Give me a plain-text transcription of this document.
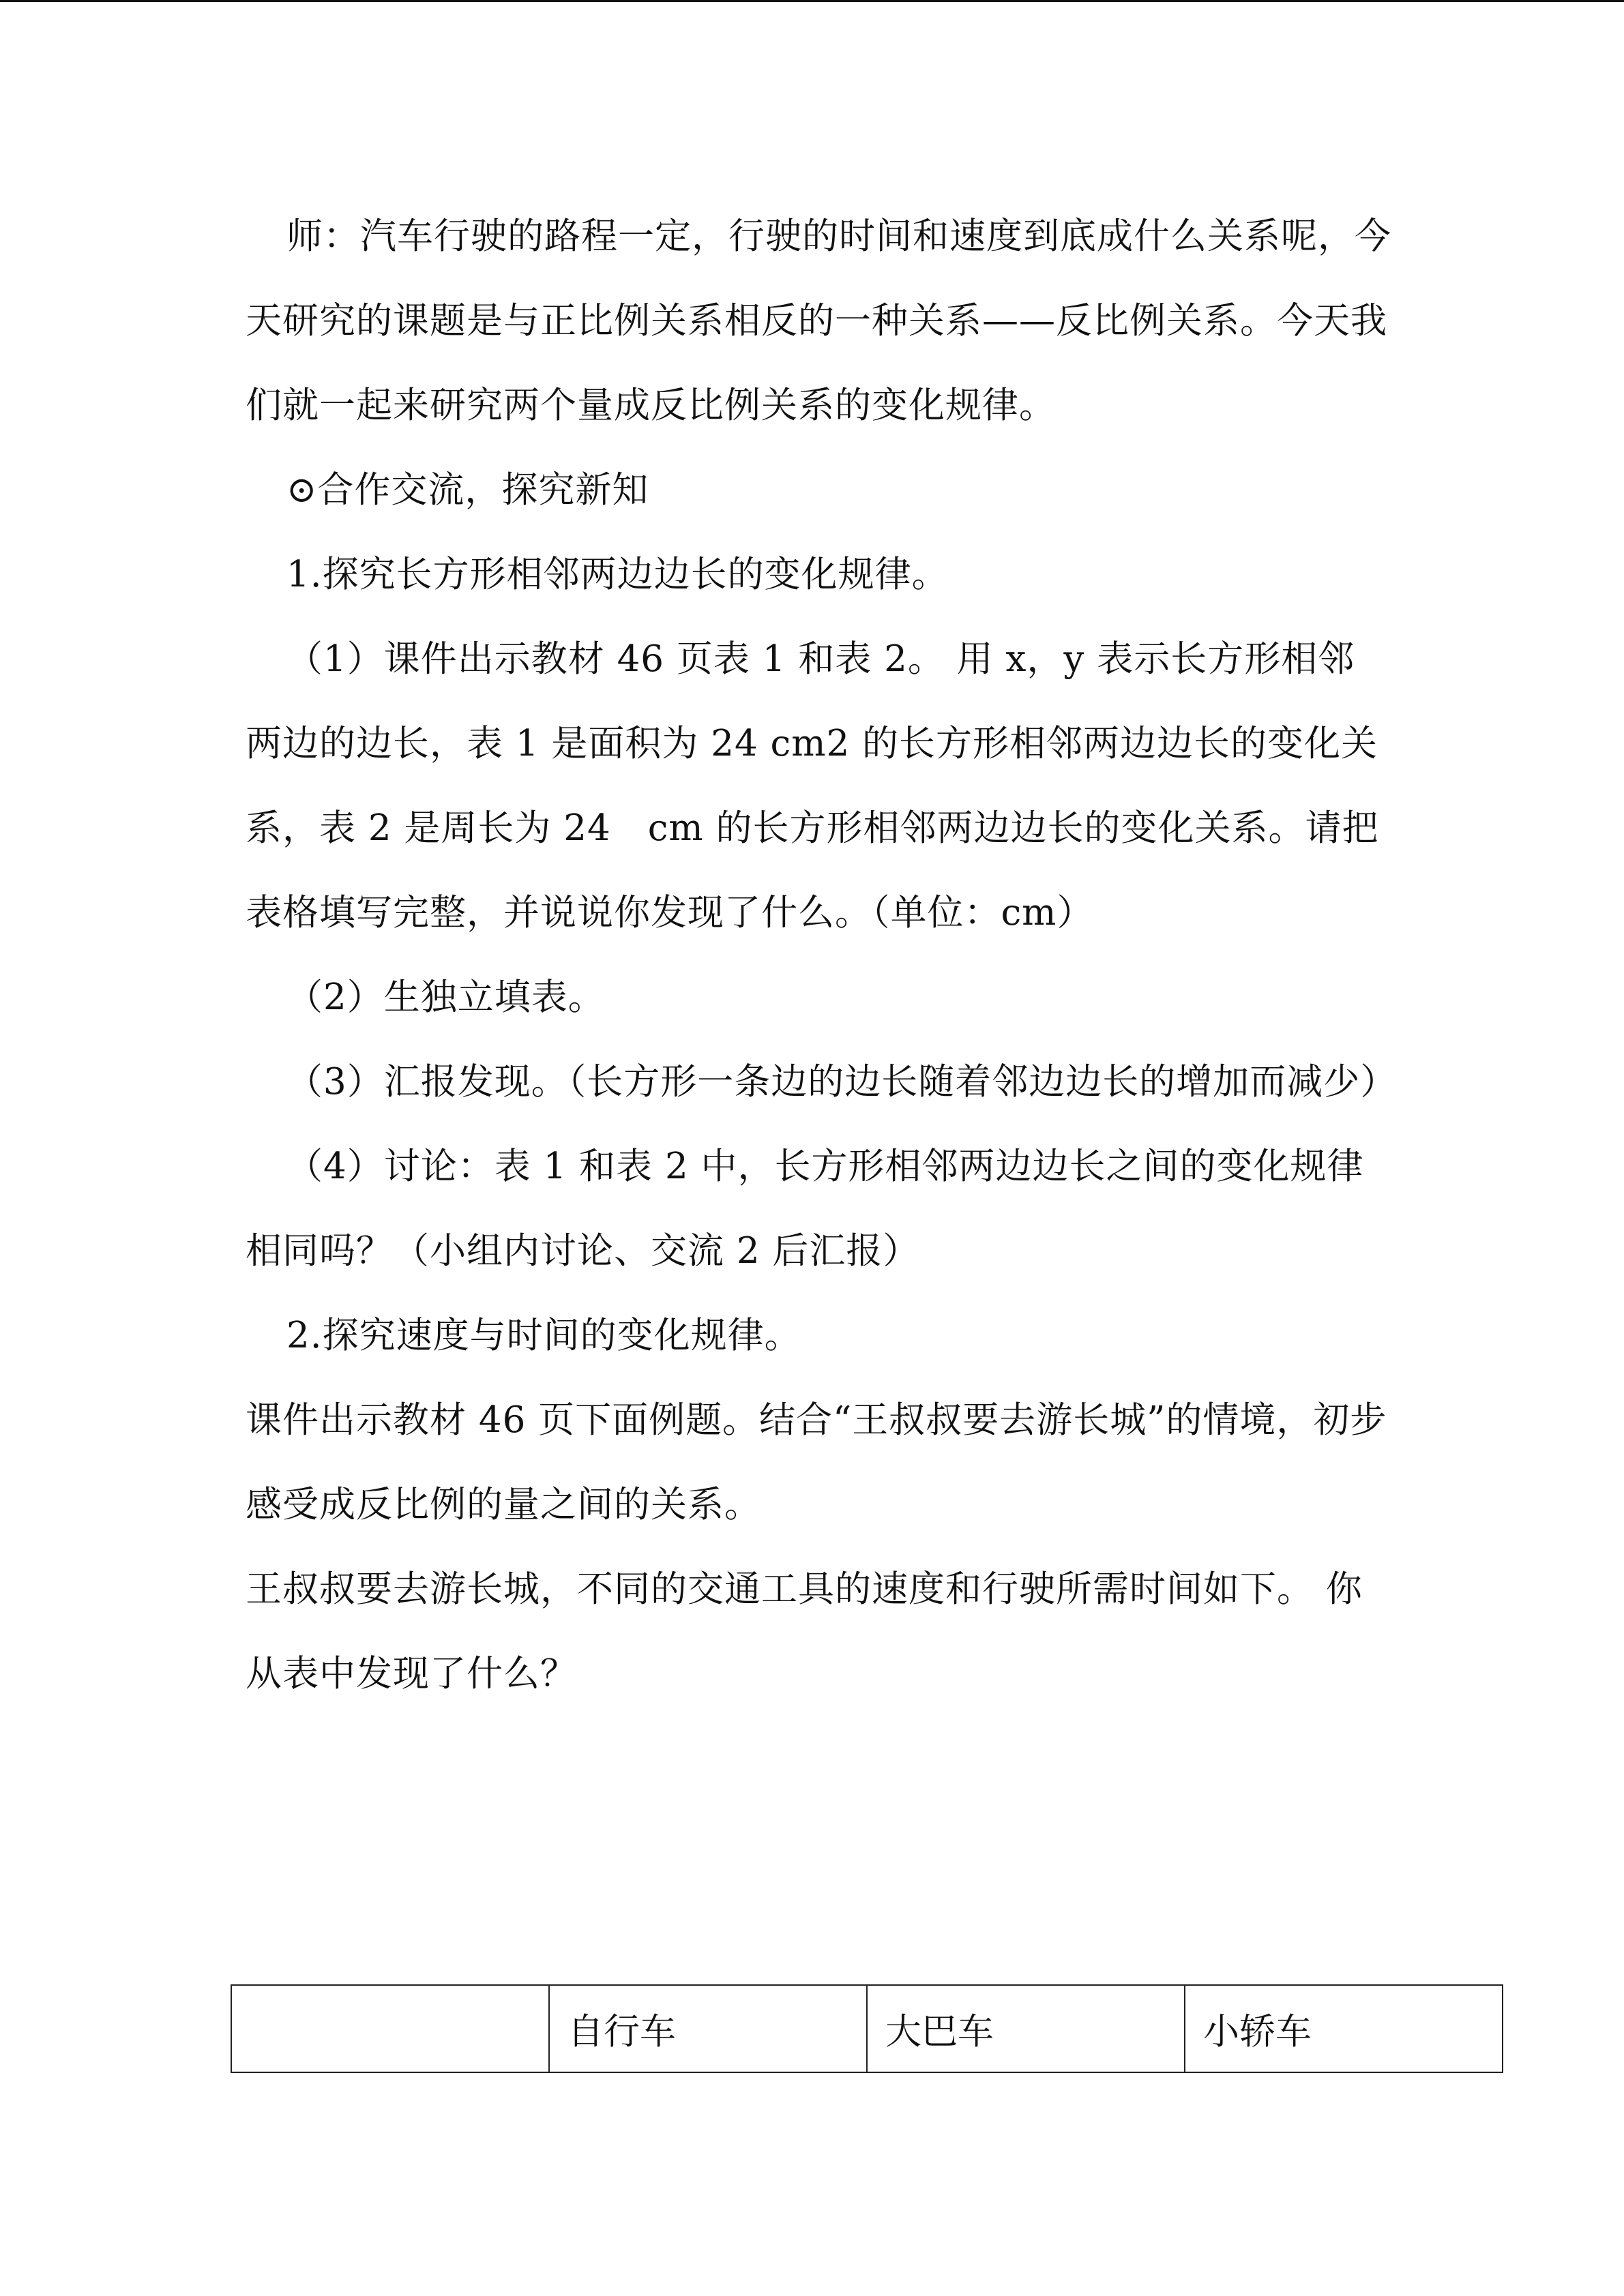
师：汽车行驶的路程一定，行驶的时间和速度到底成什么关系呢，今天研究的课题是与正比例关系相反的一种关系——反比例关系。今天我们就一起来研究两个量成反比例关系的变化规律。

⊙合作交流，探究新知

1.探究长方形相邻两边边长的变化规律。

（1）课件出示教材 46 页表 1 和表 2。 用 x，y 表示长方形相邻两边的边长，表 1 是面积为 24 cm2 的长方形相邻两边边长的变化关系，表 2 是周长为 24　cm 的长方形相邻两边边长的变化关系。请把表格填写完整，并说说你发现了什么。（单位：cm）

（2）生独立填表。

（3）汇报发现。（长方形一条边的边长随着邻边边长的增加而减少）

（4）讨论：表 1 和表 2 中，长方形相邻两边边长之间的变化规律相同吗？（小组内讨论、交流 2 后汇报）

2.探究速度与时间的变化规律。

课件出示教材 46 页下面例题。结合“王叔叔要去游长城”的情境，初步感受成反比例的量之间的关系。

王叔叔要去游长城，不同的交通工具的速度和行驶所需时间如下。 你从表中发现了什么？

	自行车	大巴车	小轿车
